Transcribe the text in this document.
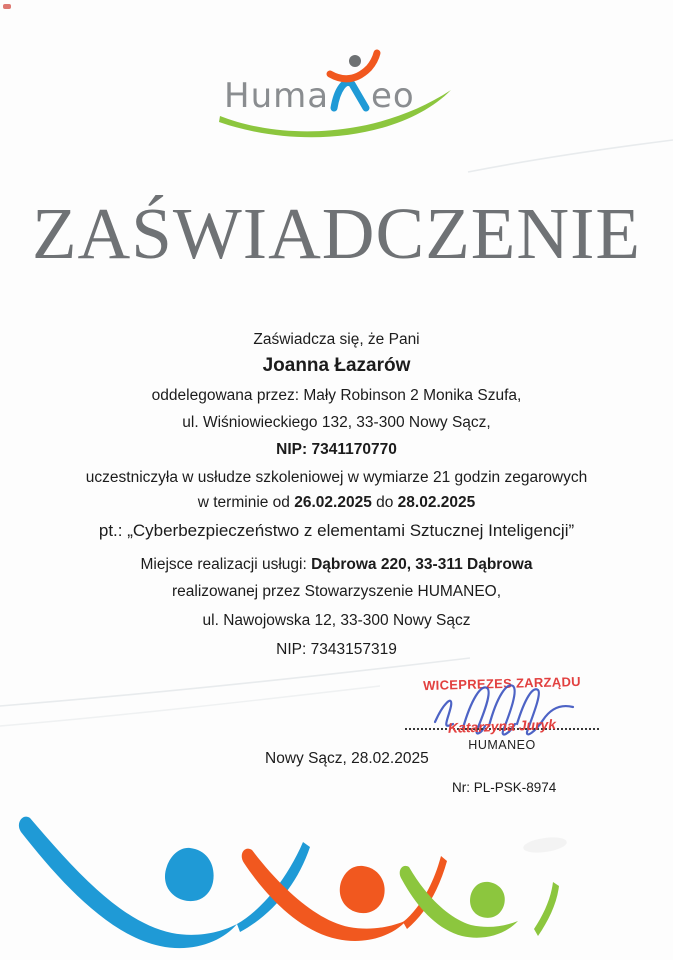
Huma eo
ZAŚWIADCZENIE
Zaświadcza się, że Pani
Joanna Łazarów
oddelegowana przez: Mały Robinson 2 Monika Szufa,
ul. Wiśniowieckiego 132, 33-300 Nowy Sącz,
NIP: 7341170770
uczestniczyła w usłudze szkoleniowej w wymiarze 21 godzin zegarowych
w terminie od 26.02.2025 do 28.02.2025
pt.: „Cyberbezpieczeństwo z elementami Sztucznej Inteligencji”
Miejsce realizacji usługi: Dąbrowa 220, 33-311 Dąbrowa
realizowanej przez Stowarzyszenie HUMANEO,
ul. Nawojowska 12, 33-300 Nowy Sącz
NIP: 7343157319
WICEPREZES ZARZĄDU
Katarzyna Juryk
HUMANEO
Nowy Sącz, 28.02.2025
Nr: PL-PSK-8974
